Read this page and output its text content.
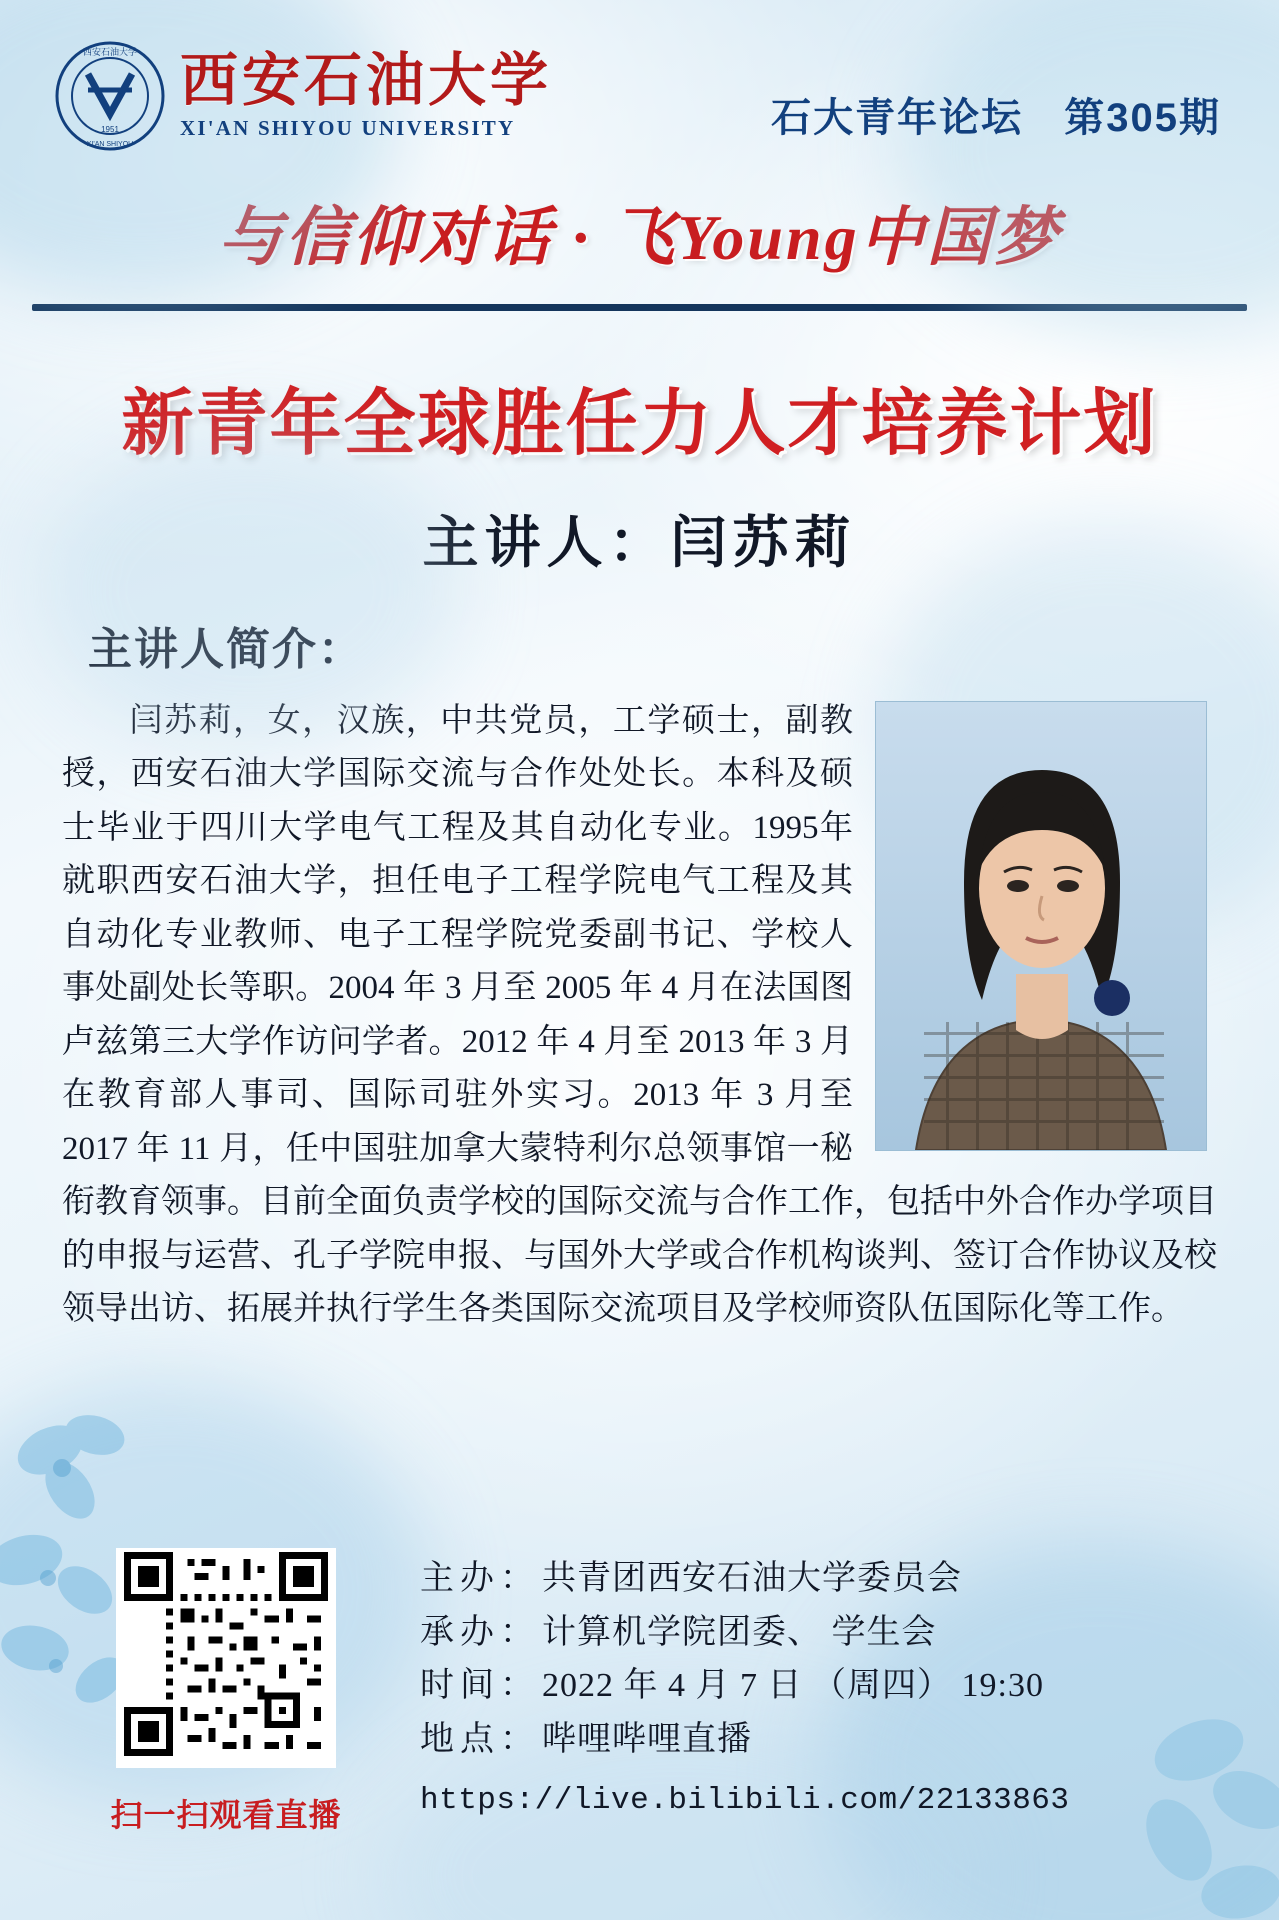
1951
西安石油大学
XI'AN SHIYOU
西安石油大学
XI'AN SHIYOU UNIVERSITY	石大青年论坛 第305期
与信仰对话 · 飞Young中国梦
新青年全球胜任力人才培养计划
主讲人：闫苏莉
主讲人简介：
闫苏莉，女，汉族，中共党员，工学硕士，副教授，西安石油大学国际交流与合作处处长。本科及硕士毕业于四川大学电气工程及其自动化专业。1995年就职西安石油大学，担任电子工程学院电气工程及其自动化专业教师、电子工程学院党委副书记、学校人事处副处长等职。2004 年 3 月至 2005 年 4 月在法国图卢兹第三大学作访问学者。2012 年 4 月至 2013 年 3 月在教育部人事司、国际司驻外实习。2013 年 3 月至 2017 年 11 月，任中国驻加拿大蒙特利尔总领事馆一秘衔教育领事。目前全面负责学校的国际交流与合作工作，包括中外合作办学项目的申报与运营、孔子学院申报、与国外大学或合作机构谈判、签订合作协议及校领导出访、拓展并执行学生各类国际交流项目及学校师资队伍国际化等工作。
扫一扫观看直播
主办 ： 共青团西安石油大学委员会
承办 ： 计算机学院团委、 学生会
时间 ： 2022 年 4 月 7 日 （周四） 19:30
地点 ： 哔哩哔哩直播
https://live.bilibili.com/22133863
